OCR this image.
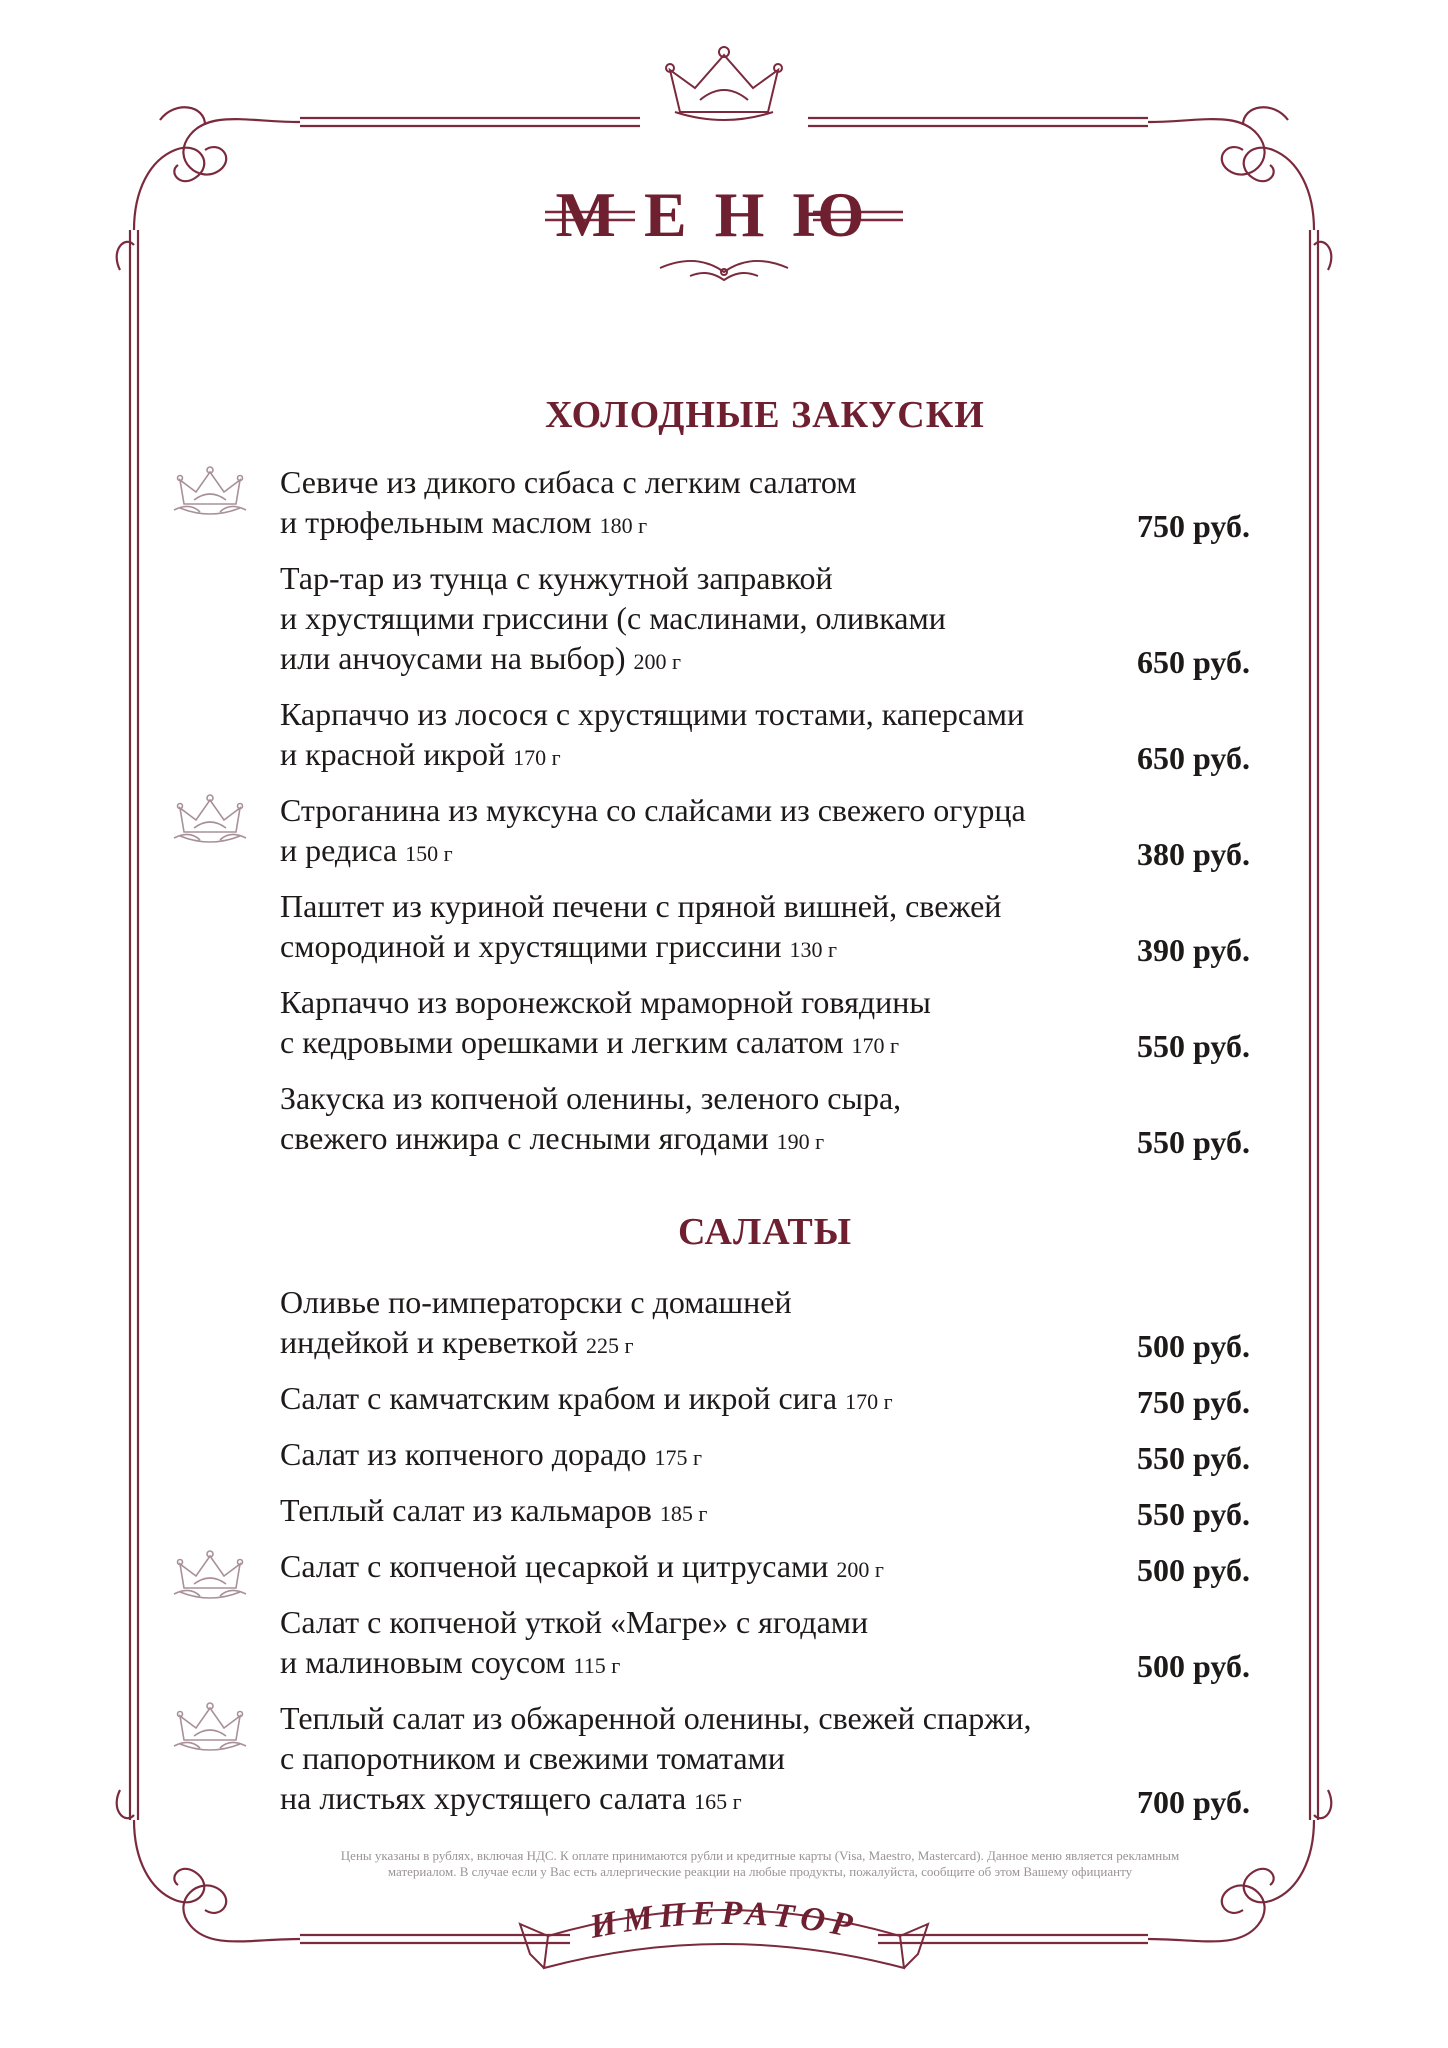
МЕНЮ
ХОЛОДНЫЕ ЗАКУСКИ
Севиче из дикого сибаса с легким салатом
и трюфельным маслом 180 г	750 руб.
Тар-тар из тунца с кунжутной заправкой
и хрустящими гриссини (с маслинами, оливками
или анчоусами на выбор) 200 г	650 руб.
Карпаччо из лосося с хрустящими тостами, каперсами
и красной икрой 170 г	650 руб.
Строганина из муксуна со слайсами из свежего огурца
и редиса 150 г	380 руб.
Паштет из куриной печени с пряной вишней, свежей
смородиной и хрустящими гриссини 130 г	390 руб.
Карпаччо из воронежской мраморной говядины
с кедровыми орешками и легким салатом 170 г	550 руб.
Закуска из копченой оленины, зеленого сыра,
свежего инжира с лесными ягодами 190 г	550 руб.
САЛАТЫ
Оливье по-императорски с домашней
индейкой и креветкой 225 г	500 руб.
Салат с камчатским крабом и икрой сига 170 г	750 руб.
Салат из копченого дорадо 175 г	550 руб.
Теплый салат из кальмаров 185 г	550 руб.
Салат с копченой цесаркой и цитрусами 200 г	500 руб.
Салат с копченой уткой «Магре» с ягодами
и малиновым соусом 115 г	500 руб.
Теплый салат из обжаренной оленины, свежей спаржи,
с папоротником и свежими томатами
на листьях хрустящего салата 165 г	700 руб.
Цены указаны в рублях, включая НДС. К оплате принимаются рубли и кредитные карты (Visa, Maestro, Mastercard). Данное меню является рекламным
материалом. В случае если у Вас есть аллергические реакции на любые продукты, пожалуйста, сообщите об этом Вашему официанту
ИМПЕРАТОР
